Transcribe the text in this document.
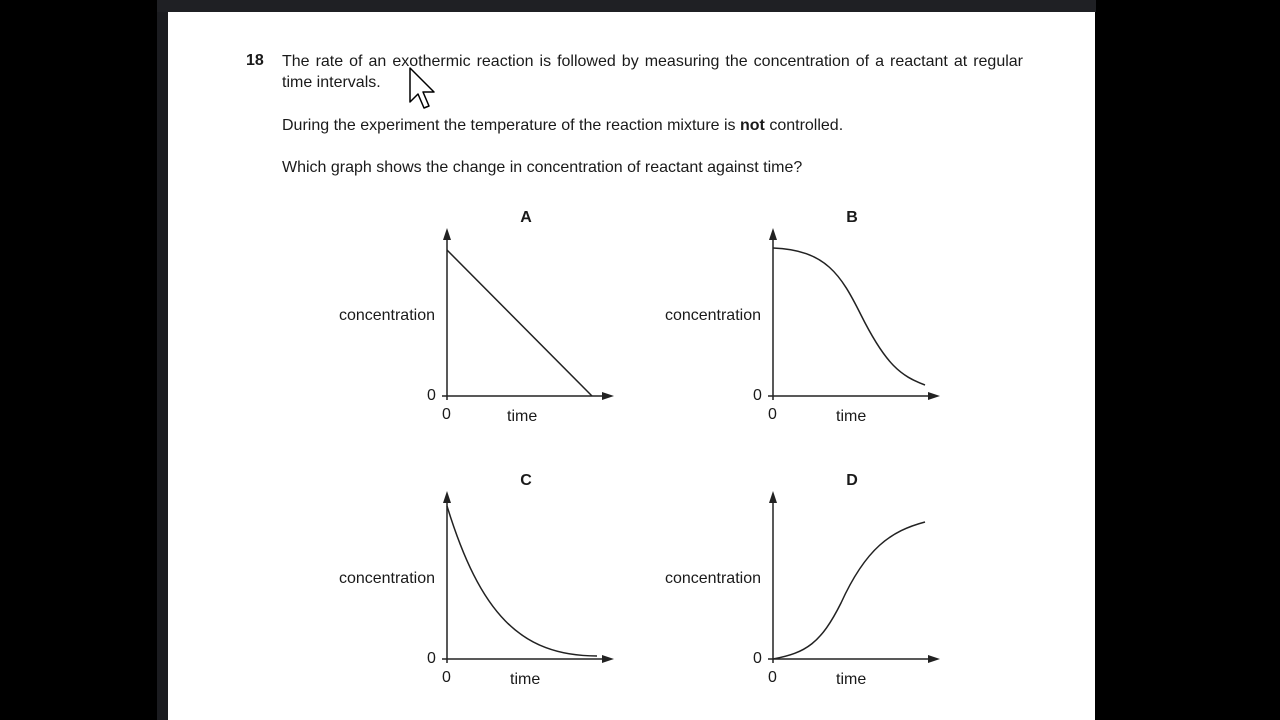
18 The rate of an exothermic reaction is followed by measuring the concentration of a reactant at regular time intervals.
During the experiment the temperature of the reaction mixture is not controlled.
Which graph shows the change in concentration of reactant against time?
A
concentration
time
0
0
B
concentration
time
0
0
C
concentration
time
0
0
D
concentration
time
0
0
